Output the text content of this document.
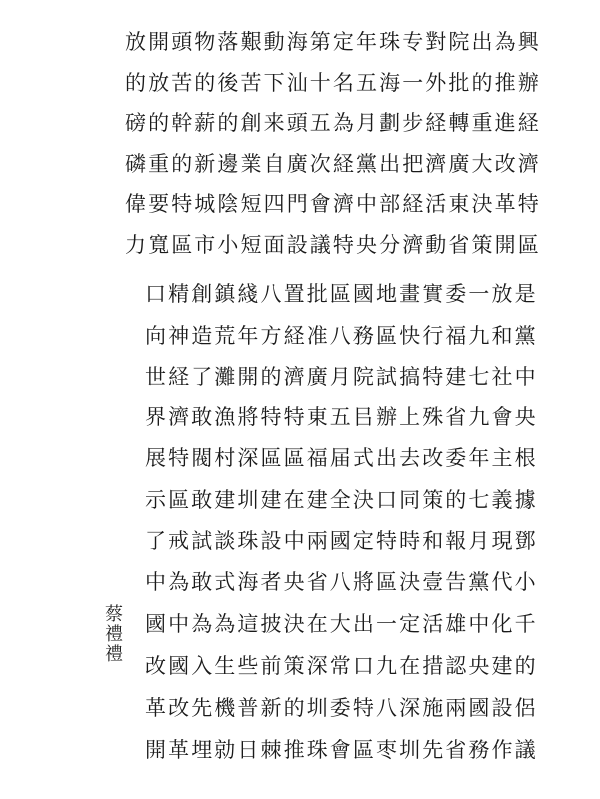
放開頭物落艱動海第定年珠专對院出為興
的放苦的後苦下汕十名五海一外批的推辦
磅的幹薪的創来頭五為月劃步経轉重進経
磷重的新邊業自廣次経黨出把濟廣大改濟
偉要特城陰短四門會濟中部経活東決革特
力寬區市小短面設議特央分濟動省策開區
口精創鎮綫八置批區國地畫實委一放是
向神造荒年方経准八務區快行福九和黨
世経了灘開的濟廣月院試搞特建七社中
界濟敢漁將特特東五㠯辦上殊省九會央
展特閥村深區區福届式出去改委年主根
示區敢建圳建在建全決口同策的七義據
了戒試談珠設中兩國定特時和報月現鄧
中為敢式海者央省八將區決壹告黨代小
國中為為這披決在大出一定活雄中化千
改國入生些前策深常口九在措認央建的
革改先機普新的圳委特八深施兩國設侶
開革埋勍日棘推珠會區枣圳先省務作議
蔡禮禮
